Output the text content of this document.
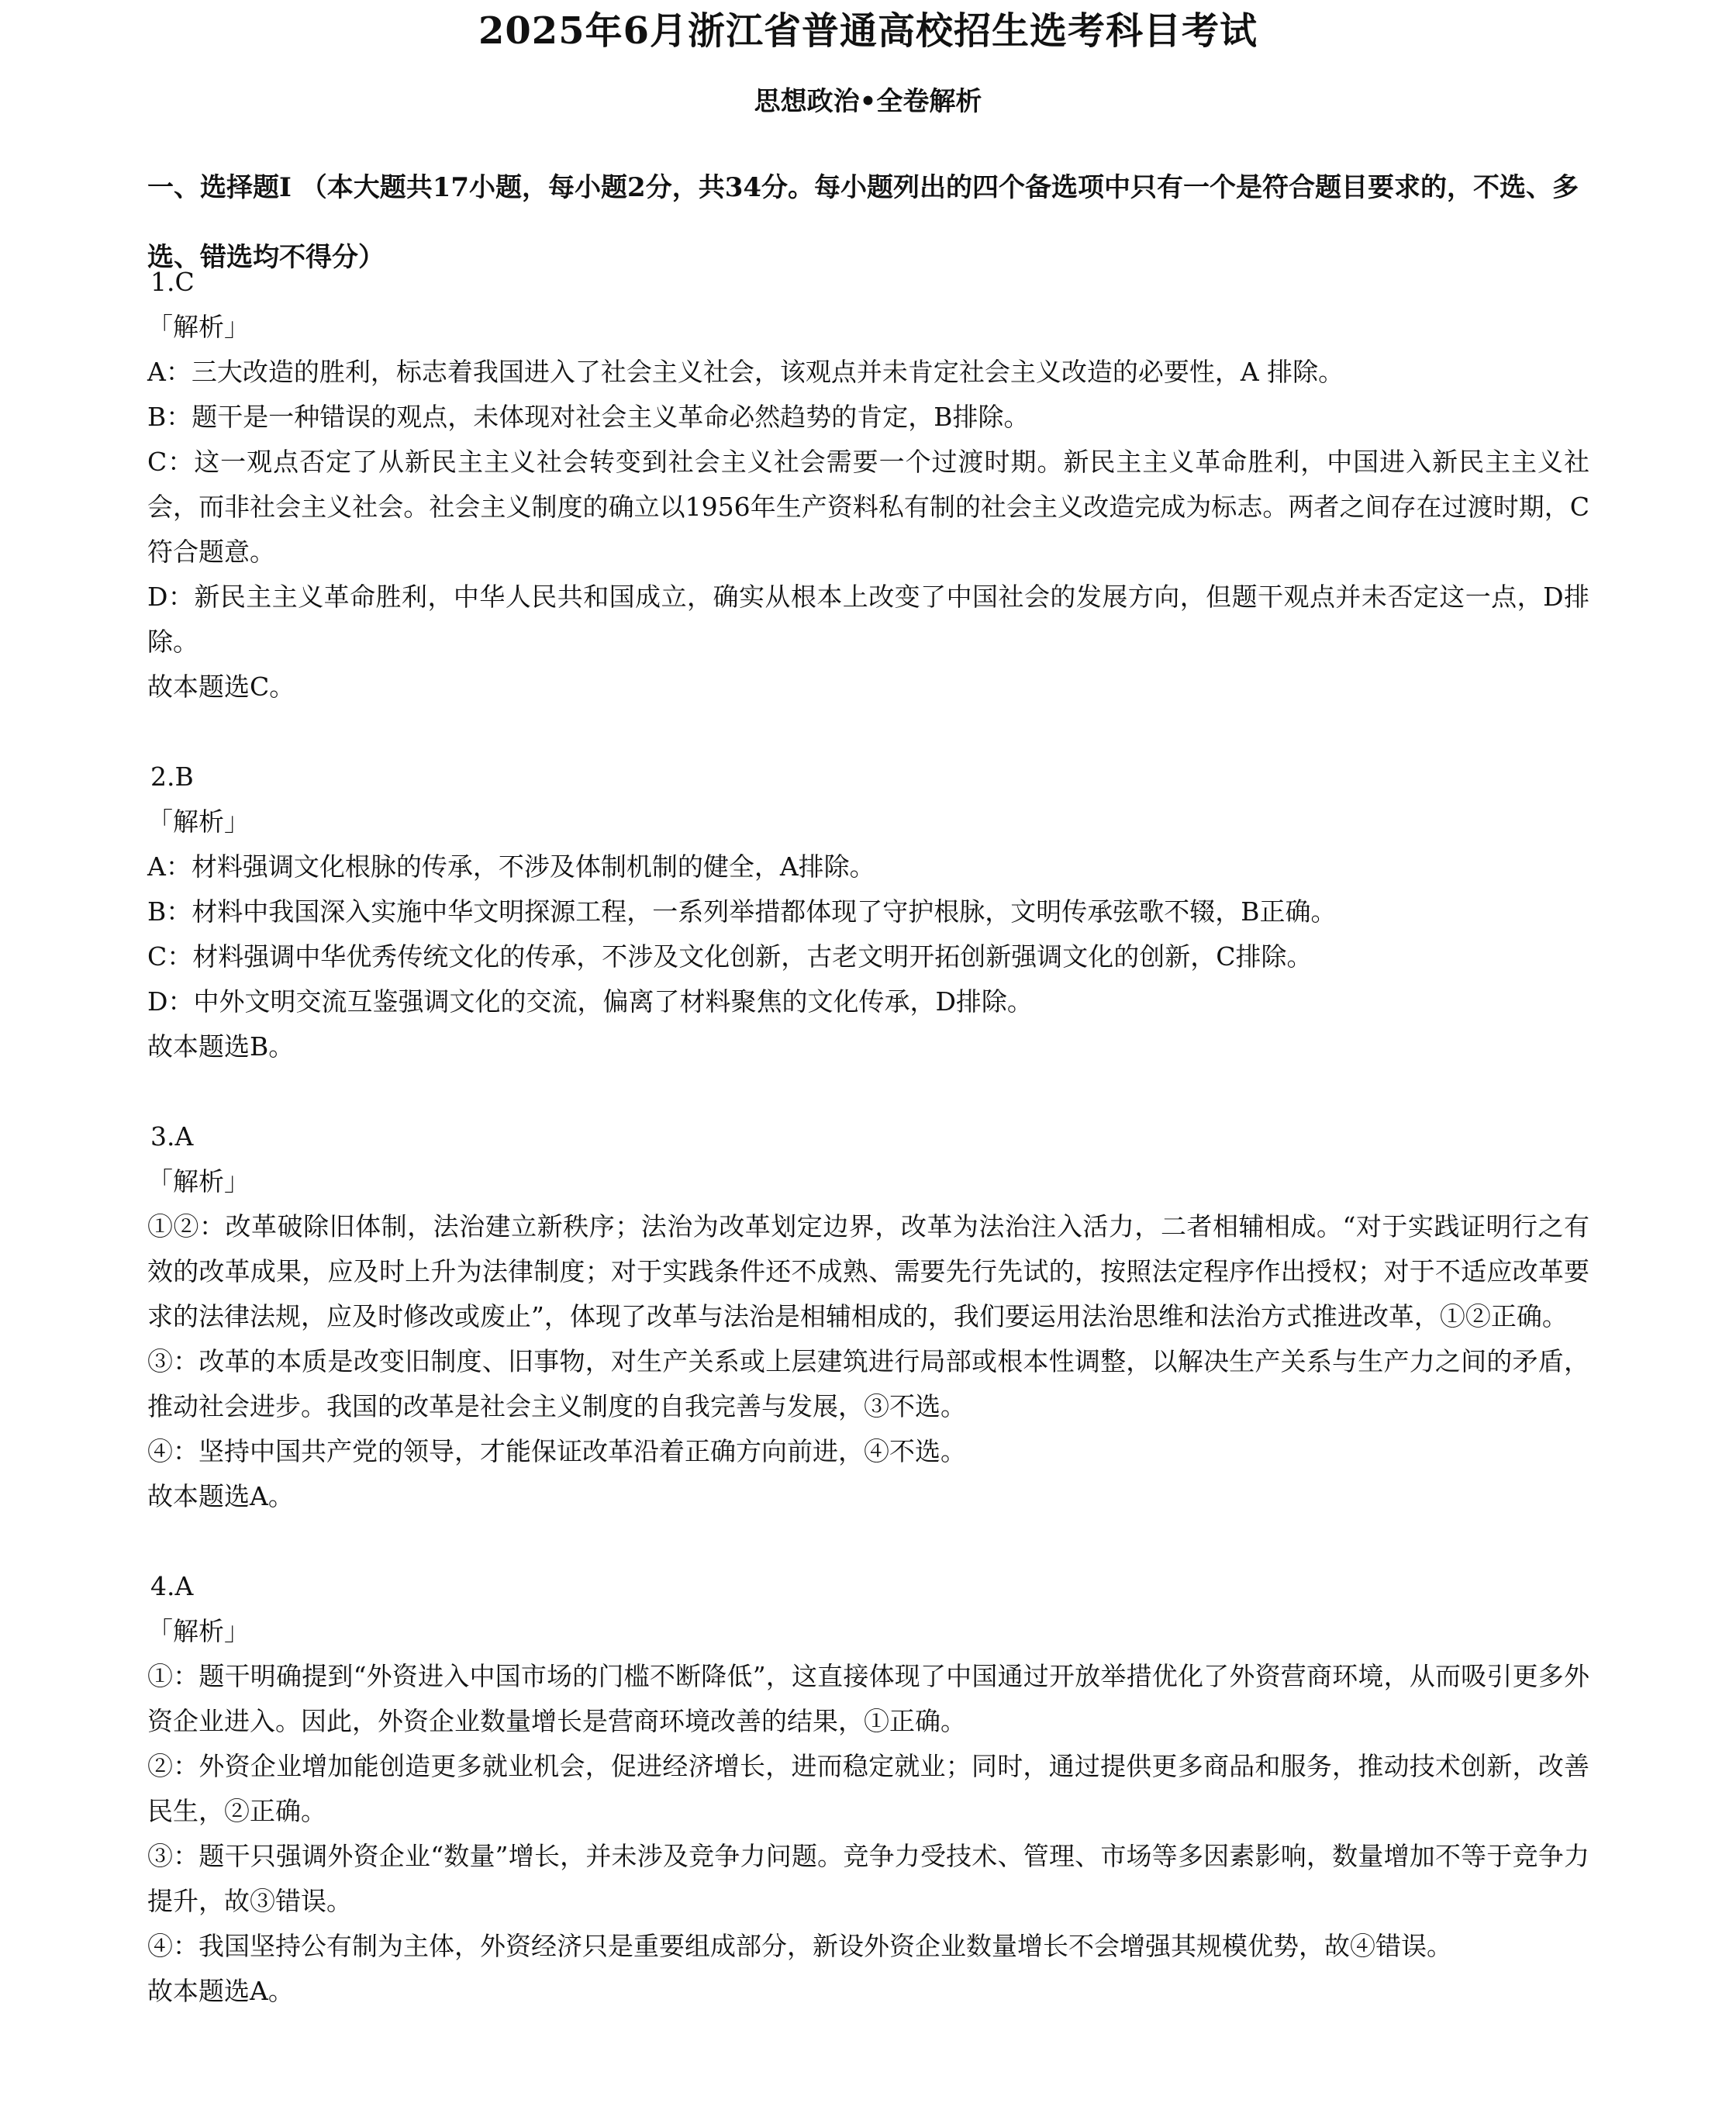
2025年6月浙江省普通高校招生选考科目考试
思想政治•全卷解析
一、选择题Ⅰ （本大题共17小题，每小题2分，共34分。每小题列出的四个备选项中只有一个是符合题目要求的，不选、多选、错选均不得分）
1.C
「解析」
A：三大改造的胜利，标志着我国进入了社会主义社会，该观点并未肯定社会主义改造的必要性，A 排除。
B：题干是一种错误的观点，未体现对社会主义革命必然趋势的肯定，B排除。
C：这一观点否定了从新民主主义社会转变到社会主义社会需要一个过渡时期。新民主主义革命胜利，中国进入新民主主义社会，而非社会主义社会。社会主义制度的确立以1956年生产资料私有制的社会主义改造完成为标志。两者之间存在过渡时期，C符合题意。
D：新民主主义革命胜利，中华人民共和国成立，确实从根本上改变了中国社会的发展方向，但题干观点并未否定这一点，D排除。
故本题选C。
2.B
「解析」
A：材料强调文化根脉的传承，不涉及体制机制的健全，A排除。
B：材料中我国深入实施中华文明探源工程，一系列举措都体现了守护根脉，文明传承弦歌不辍，B正确。
C：材料强调中华优秀传统文化的传承，不涉及文化创新，古老文明开拓创新强调文化的创新，C排除。
D：中外文明交流互鉴强调文化的交流，偏离了材料聚焦的文化传承，D排除。
故本题选B。
3.A
「解析」
①②：改革破除旧体制，法治建立新秩序；法治为改革划定边界，改革为法治注入活力，二者相辅相成。“对于实践证明行之有效的改革成果，应及时上升为法律制度；对于实践条件还不成熟、需要先行先试的，按照法定程序作出授权；对于不适应改革要求的法律法规，应及时修改或废止”，体现了改革与法治是相辅相成的，我们要运用法治思维和法治方式推进改革，①②正确。
③：改革的本质是改变旧制度、旧事物，对生产关系或上层建筑进行局部或根本性调整，以解决生产关系与生产力之间的矛盾，推动社会进步。我国的改革是社会主义制度的自我完善与发展，③不选。
④：坚持中国共产党的领导，才能保证改革沿着正确方向前进，④不选。
故本题选A。
4.A
「解析」
①：题干明确提到“外资进入中国市场的门槛不断降低”，这直接体现了中国通过开放举措优化了外资营商环境，从而吸引更多外资企业进入。因此，外资企业数量增长是营商环境改善的结果，①正确。
②：外资企业增加能创造更多就业机会，促进经济增长，进而稳定就业；同时，通过提供更多商品和服务，推动技术创新，改善民生，②正确。
③：题干只强调外资企业“数量”增长，并未涉及竞争力问题。竞争力受技术、管理、市场等多因素影响，数量增加不等于竞争力提升，故③错误。
④：我国坚持公有制为主体，外资经济只是重要组成部分，新设外资企业数量增长不会增强其规模优势，故④错误。
故本题选A。
